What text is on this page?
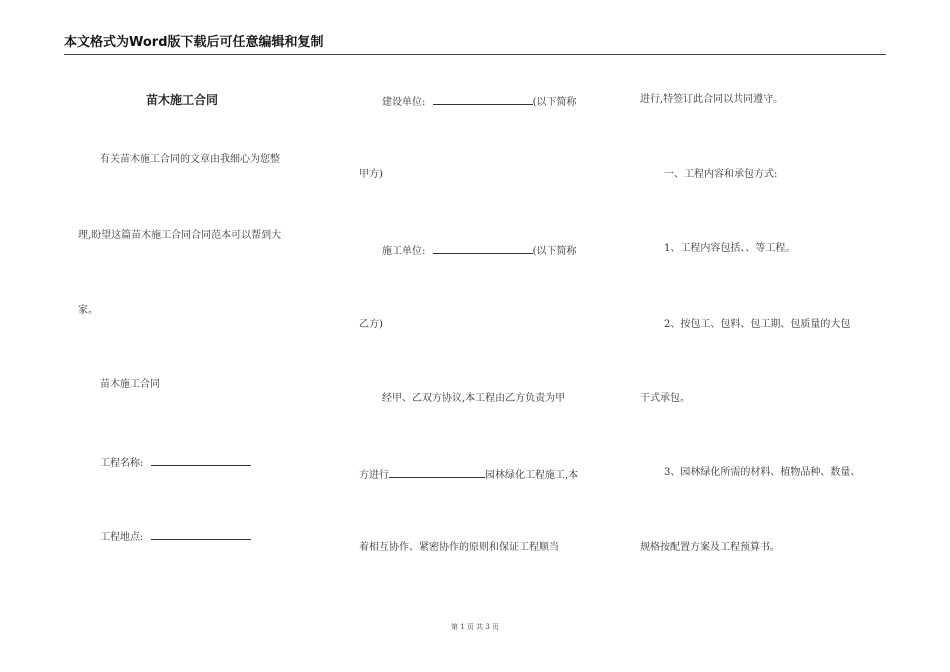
本文格式为Word版下载后可任意编辑和复制
苗木施工合同
有关苗木施工合同的文章由我细心为您整
理,盼望这篇苗木施工合同合同范本可以帮到大
家。
苗木施工合同
工程名称:
工程地点:
建设单位:	(以下简称
甲方)
施工单位:	(以下简称
乙方)
经甲、乙双方协议,本工程由乙方负责为甲
方进行	园林绿化工程施工,本
着相互协作、紧密协作的原则和保证工程顺当
进行,特签订此合同以共同遵守。
一、工程内容和承包方式:
1、工程内容包括、、等工程。
2、按包工、包料、包工期、包质量的大包
干式承包。
3、园林绿化所需的材料、植物品种、数量、
规格按配置方案及工程预算书。
第 1 页 共 3 页
